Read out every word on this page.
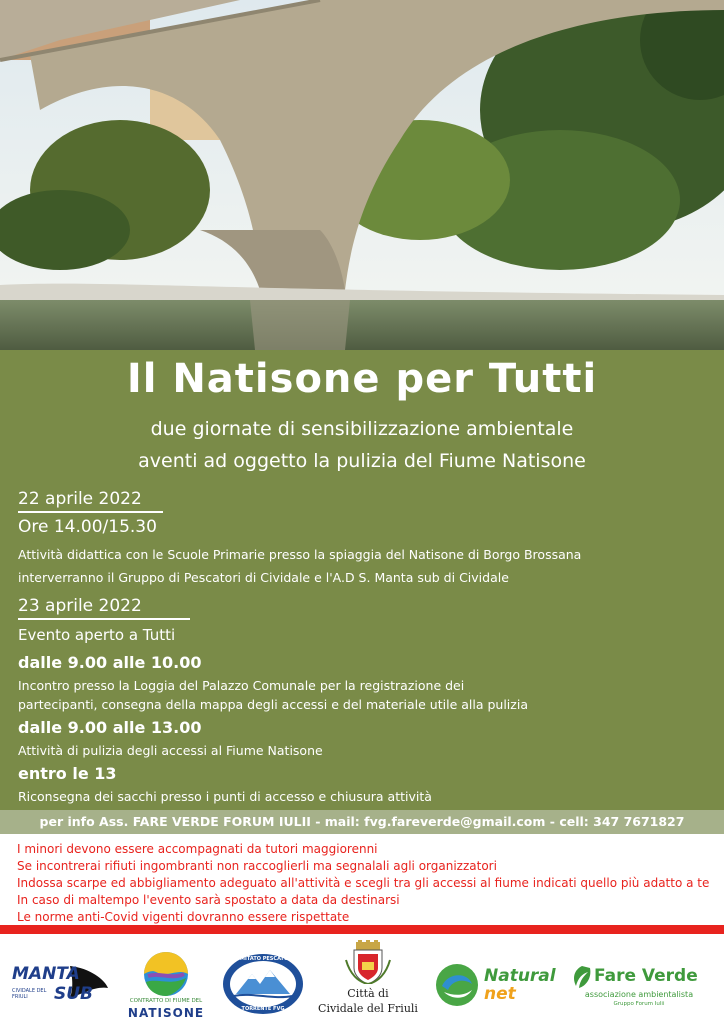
Il Natisone per Tutti
due giornate di sensibilizzazione ambientale
aventi ad oggetto la pulizia del Fiume Natisone
22 aprile 2022
Ore 14.00/15.30
Attività didattica con le Scuole Primarie presso la spiaggia del Natisone di Borgo Brossana
interverranno il Gruppo di Pescatori di Cividale e l'A.D S. Manta sub di Cividale
23 aprile 2022
Evento aperto a Tutti
dalle 9.00 alle 10.00
Incontro presso la Loggia del Palazzo Comunale per la registrazione dei
partecipanti, consegna della mappa degli accessi e del materiale utile alla pulizia
dalle 9.00 alle 13.00
Attività di pulizia degli accessi al Fiume Natisone
entro le 13
Riconsegna dei sacchi presso i punti di accesso e chiusura attività
per info Ass. FARE VERDE FORUM IULII - mail: fvg.fareverde@gmail.com - cell: 347 7671827
I minori devono essere accompagnati da tutori maggiorenni
Se incontrerai rifiuti ingombranti non raccoglierli ma segnalali agli organizzatori
Indossa scarpe ed abbigliamento adeguato all'attività e scegli tra gli accessi al fiume indicati quello più adatto a te
In caso di maltempo l'evento sarà spostato a data da destinarsi
Le norme anti-Covid vigenti dovranno essere rispettate
MANTA
SUB
CIVIDALE DEL FRIULI
CONTRATTO DI FIUME DEL
NATISONE
COMITATO PESCATORI
TORRENTE FVG
Città di
Cividale del Friuli
Natural
net
Fare Verde
associazione ambientalista
Gruppo Forum Iulii
